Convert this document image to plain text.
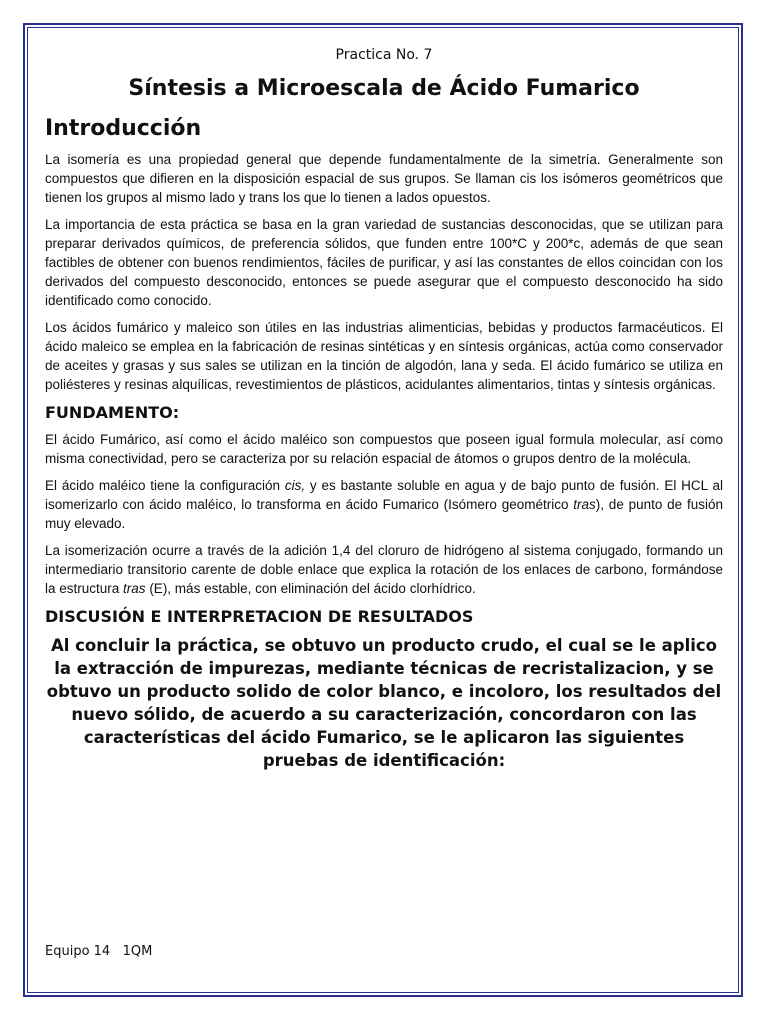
Practica No. 7
Síntesis a Microescala de Ácido Fumarico
Introducción

La isomería es una propiedad general que depende fundamentalmente de la simetría. Generalmente son compuestos que difieren en la disposición espacial de sus grupos. Se llaman cis los isómeros geométricos que tienen los grupos al mismo lado y trans los que lo tienen a lados opuestos.

La importancia de esta práctica se basa en la gran variedad de sustancias desconocidas, que se utilizan para preparar derivados químicos, de preferencia sólidos, que funden entre 100*C y 200*c, además de que sean factibles de obtener con buenos rendimientos, fáciles de purificar, y así las constantes de ellos coincidan con los derivados del compuesto desconocido, entonces se puede asegurar que el compuesto desconocido ha sido identificado como conocido.

Los ácidos fumárico y maleico son útiles en las industrias alimenticias, bebidas y productos farmacéuticos. El ácido maleico se emplea en la fabricación de resinas sintéticas y en síntesis orgánicas, actúa como conservador de aceites y grasas y sus sales se utilizan en la tinción de algodón, lana y seda. El ácido fumárico se utiliza en poliésteres y resinas alquílicas, revestimientos de plásticos, acidulantes alimentarios, tintas y síntesis orgánicas.

FUNDAMENTO:

El ácido Fumárico, así como el ácido maléico son compuestos que poseen igual formula molecular, así como misma conectividad, pero se caracteriza por su relación espacial de átomos o grupos dentro de la molécula.

El ácido maléico tiene la configuración cis, y es bastante soluble en agua y de bajo punto de fusión. El HCL al isomerizarlo con ácido maléico, lo transforma en ácido Fumarico (Isómero geométrico tras), de punto de fusión muy elevado.

La isomerización ocurre a través de la adición 1,4 del cloruro de hidrógeno al sistema conjugado, formando un intermediario transitorio carente de doble enlace que explica la rotación de los enlaces de carbono, formándose la estructura tras (E), más estable, con eliminación del ácido clorhídrico.

DISCUSIÓN E INTERPRETACION DE RESULTADOS
Al concluir la práctica, se obtuvo un producto crudo, el cual se le aplico la extracción de impurezas, mediante técnicas de recristalizacion, y se obtuvo un producto solido de color blanco, e incoloro, los resultados del nuevo sólido, de acuerdo a su caracterización, concordaron con las características del ácido Fumarico, se le aplicaron las siguientes pruebas de identificación:
Equipo 14   1QM
